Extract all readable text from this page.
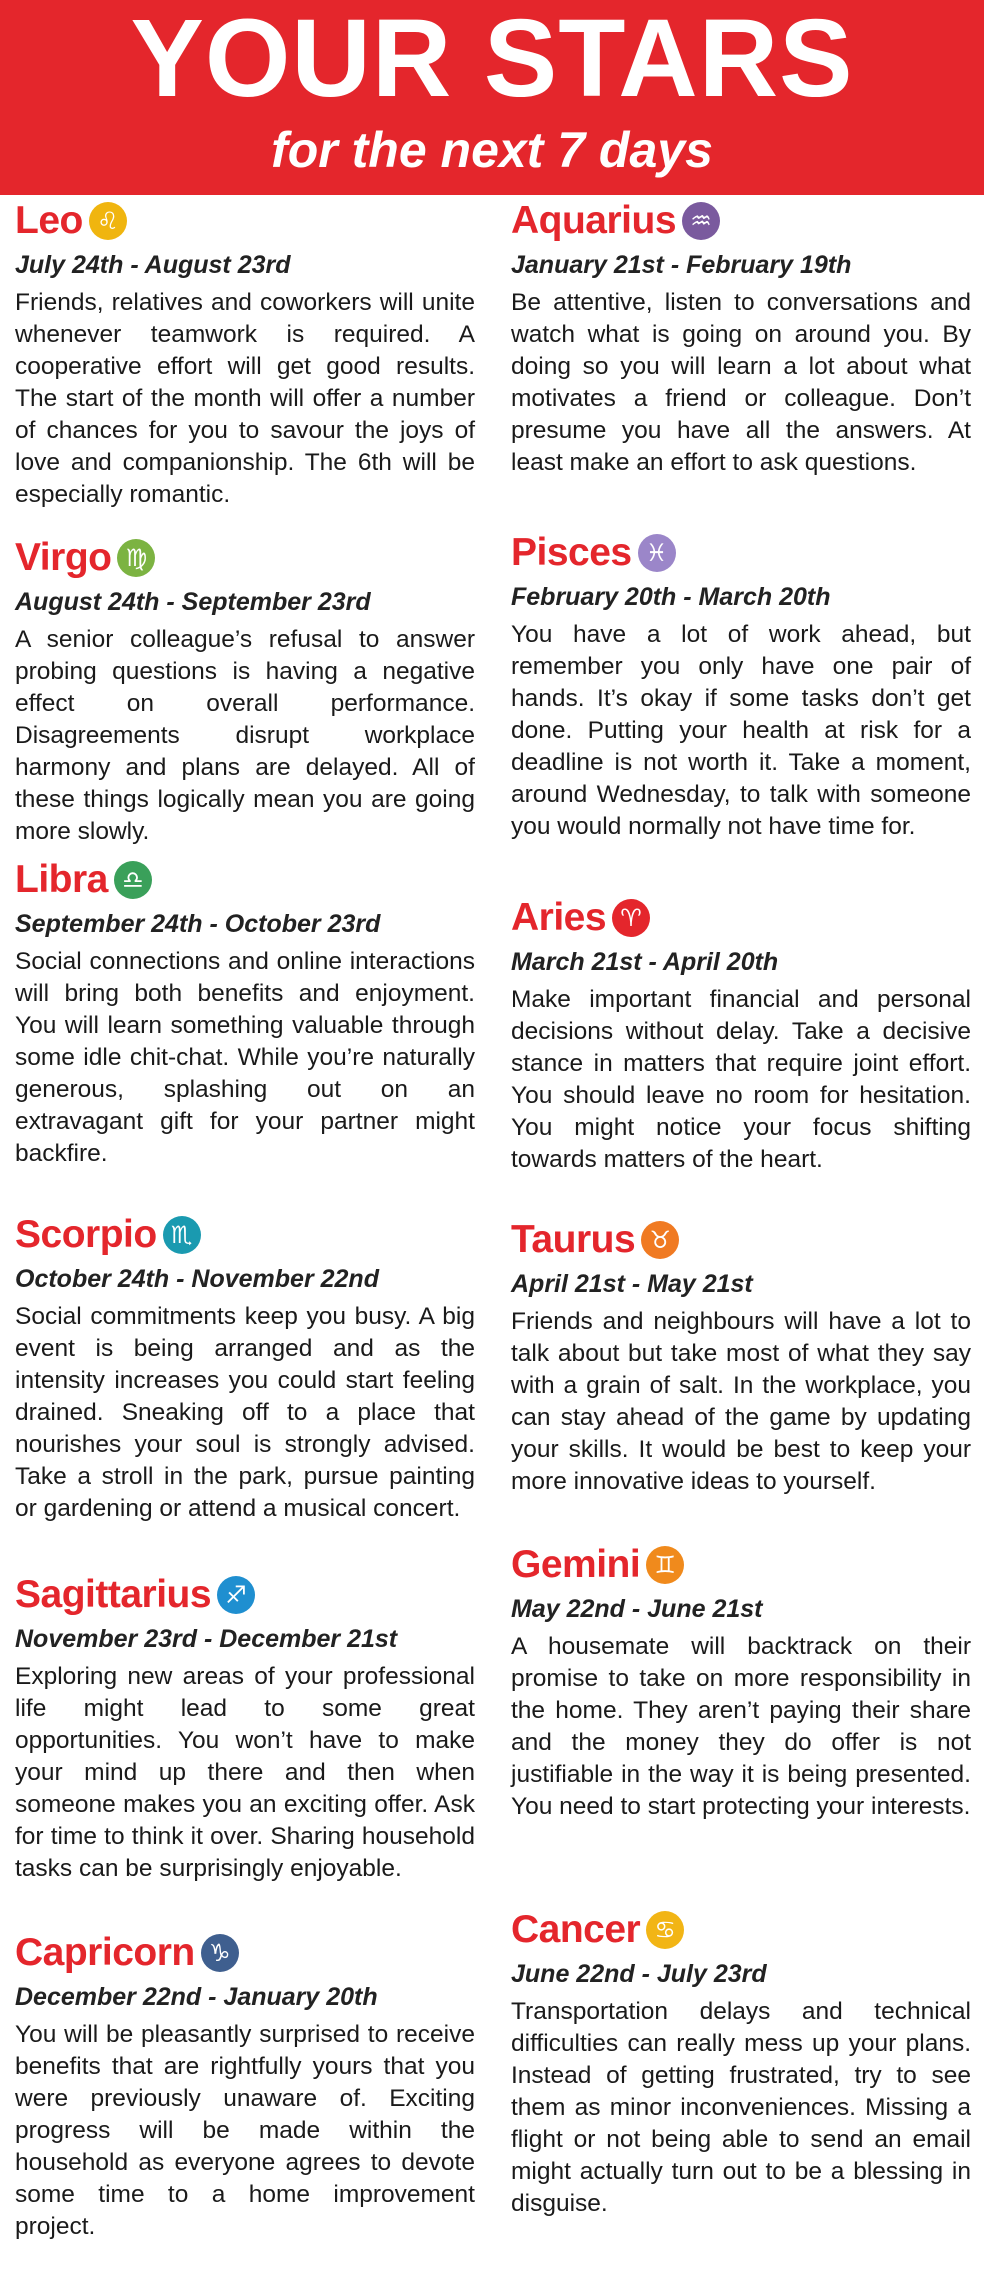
YOUR STARS
for the next 7 days
Leo ♌
July 24th - August 23rd
Friends, relatives and coworkers will unite whenever teamwork is required. A cooperative effort will get good results. The start of the month will offer a number of chances for you to savour the joys of love and companionship. The 6th will be especially romantic.
Virgo ♍
August 24th - September 23rd
A senior colleague’s refusal to answer probing questions is having a negative effect on overall performance. Disagreements disrupt workplace harmony and plans are delayed. All of these things logically mean you are going more slowly.
Libra ♎
September 24th - October 23rd
Social connections and online interactions will bring both benefits and enjoyment. You will learn something valuable through some idle chit-chat. While you’re naturally generous, splashing out on an extravagant gift for your partner might backfire.
Scorpio ♏
October 24th - November 22nd
Social commitments keep you busy. A big event is being arranged and as the intensity increases you could start feeling drained. Sneaking off to a place that nourishes your soul is strongly advised. Take a stroll in the park, pursue painting or gardening or attend a musical concert.
Sagittarius ♐
November 23rd - December 21st
Exploring new areas of your professional life might lead to some great opportunities. You won’t have to make your mind up there and then when someone makes you an exciting offer. Ask for time to think it over. Sharing household tasks can be surprisingly enjoyable.
Capricorn ♑
December 22nd - January 20th
You will be pleasantly surprised to receive benefits that are rightfully yours that you were previously unaware of. Exciting progress will be made within the household as everyone agrees to devote some time to a home improvement project.
Aquarius ♒
January 21st - February 19th
Be attentive, listen to conversations and watch what is going on around you. By doing so you will learn a lot about what motivates a friend or colleague. Don’t presume you have all the answers. At least make an effort to ask questions.
Pisces ♓
February 20th - March 20th
You have a lot of work ahead, but remember you only have one pair of hands. It’s okay if some tasks don’t get done. Putting your health at risk for a deadline is not worth it. Take a moment, around Wednesday, to talk with someone you would normally not have time for.
Aries ♈
March 21st - April 20th
Make important financial and personal decisions without delay. Take a decisive stance in matters that require joint effort. You should leave no room for hesitation. You might notice your focus shifting towards matters of the heart.
Taurus ♉
April 21st - May 21st
Friends and neighbours will have a lot to talk about but take most of what they say with a grain of salt. In the workplace, you can stay ahead of the game by updating your skills. It would be best to keep your more innovative ideas to yourself.
Gemini ♊
May 22nd - June 21st
A housemate will backtrack on their promise to take on more responsibility in the home. They aren’t paying their share and the money they do offer is not justifiable in the way it is being presented. You need to start protecting your interests.
Cancer ♋
June 22nd - July 23rd
Transportation delays and technical difficulties can really mess up your plans. Instead of getting frustrated, try to see them as minor inconveniences. Missing a flight or not being able to send an email might actually turn out to be a blessing in disguise.
